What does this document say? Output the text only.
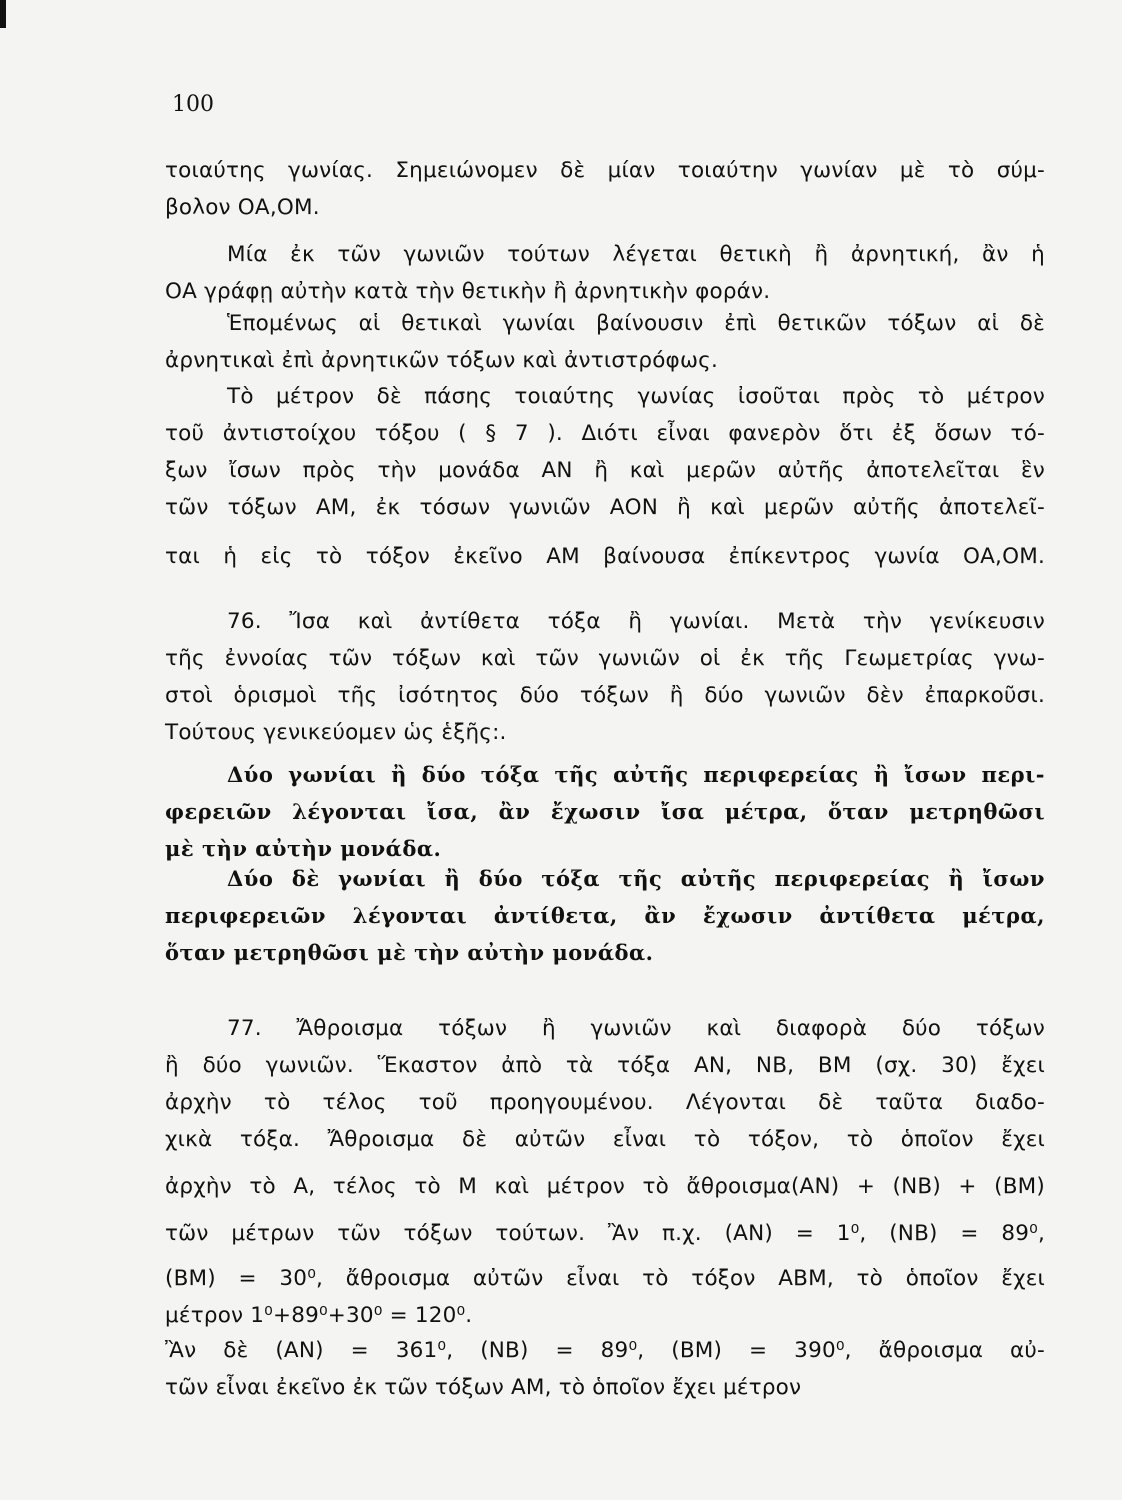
100
τοιαύτης γωνίας. Σημειώνομεν δὲ μίαν τοιαύτην γωνίαν μὲ τὸ σύμ-
βολον ΟΑ,ΟΜ.
Μία ἐκ τῶν γωνιῶν τούτων λέγεται θετικὴ ἢ ἀρνητική, ἂν ἡ
ΟΑ γράφῃ αὐτὴν κατὰ τὴν θετικὴν ἢ ἀρνητικὴν φοράν.
Ἑπομένως αἱ θετικαὶ γωνίαι βαίνουσιν ἐπὶ θετικῶν τόξων αἱ δὲ
ἀρνητικαὶ ἐπὶ ἀρνητικῶν τόξων καὶ ἀντιστρόφως.
Τὸ μέτρον δὲ πάσης τοιαύτης γωνίας ἰσοῦται πρὸς τὸ μέτρον
τοῦ ἀντιστοίχου τόξου ( § 7 ). Διότι εἶναι φανερὸν ὅτι ἐξ ὅσων τό-
ξων ἴσων πρὸς τὴν μονάδα ΑΝ ἢ καὶ μερῶν αὐτῆς ἀποτελεῖται ἓν
τῶν τόξων ΑΜ, ἐκ τόσων γωνιῶν ΑΟΝ ἢ καὶ μερῶν αὐτῆς ἀποτελεῖ-
ται ἡ εἰς τὸ τόξον ἐκεῖνο ΑΜ βαίνουσα ἐπίκεντρος γωνία ΟΑ,ΟΜ.
76. Ἴσα καὶ ἀντίθετα τόξα ἢ γωνίαι. Μετὰ τὴν γενίκευσιν
τῆς ἐννοίας τῶν τόξων καὶ τῶν γωνιῶν οἱ ἐκ τῆς Γεωμετρίας γνω-
στοὶ ὁρισμοὶ τῆς ἰσότητος δύο τόξων ἢ δύο γωνιῶν δὲν ἐπαρκοῦσι.
Τούτους γενικεύομεν ὡς ἑξῆς:.
Δύο γωνίαι ἢ δύο τόξα τῆς αὐτῆς περιφερείας ἢ ἴσων περι-
φερειῶν λέγονται ἴσα, ἂν ἔχωσιν ἴσα μέτρα, ὅταν μετρηθῶσι
μὲ τὴν αὐτὴν μονάδα.
Δύο δὲ γωνίαι ἢ δύο τόξα τῆς αὐτῆς περιφερείας ἢ ἴσων
περιφερειῶν λέγονται ἀντίθετα, ἂν ἔχωσιν ἀντίθετα μέτρα,
ὅταν μετρηθῶσι μὲ τὴν αὐτὴν μονάδα.
77. Ἄθροισμα τόξων ἢ γωνιῶν καὶ διαφορὰ δύο τόξων
ἢ δύο γωνιῶν. Ἕκαστον ἀπὸ τὰ τόξα ΑΝ, ΝΒ, ΒΜ (σχ. 30) ἔχει
ἀρχὴν τὸ τέλος τοῦ προηγουμένου. Λέγονται δὲ ταῦτα διαδο-
χικὰ τόξα. Ἄθροισμα δὲ αὐτῶν εἶναι τὸ τόξον, τὸ ὁποῖον ἔχει
ἀρχὴν τὸ Α, τέλος τὸ Μ καὶ μέτρον τὸ ἄθροισμα(ΑΝ) + (ΝΒ) + (ΒΜ)
τῶν μέτρων τῶν τόξων τούτων. Ἂν π.χ. (ΑΝ) = 1⁰, (ΝΒ) = 89⁰,
(ΒΜ) = 30⁰, ἄθροισμα αὐτῶν εἶναι τὸ τόξον ΑΒΜ, τὸ ὁποῖον ἔχει
μέτρον 1⁰+89⁰+30⁰ = 120⁰.
Ἂν δὲ (ΑΝ) = 361⁰, (ΝΒ) = 89⁰, (ΒΜ) = 390⁰, ἄθροισμα αὐ-
τῶν εἶναι ἐκεῖνο ἐκ τῶν τόξων ΑΜ, τὸ ὁποῖον ἔχει μέτρον
